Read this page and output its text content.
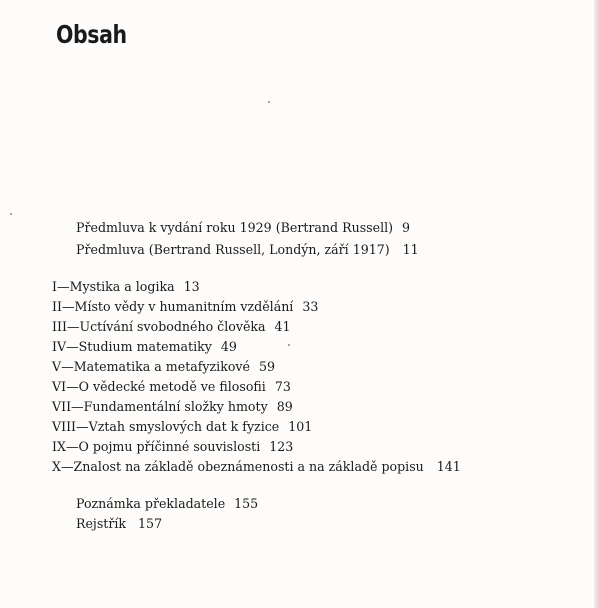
Obsah
Předmluva k vydání roku 1929 (Bertrand Russell) 9
Předmluva (Bertrand Russell, Londýn, září 1917) 11
I—Mystika a logika 13
II—Místo vědy v humanitním vzdělání 33
III—Uctívání svobodného člověka 41
IV—Studium matematiky 49
V—Matematika a metafyzikové 59
VI—O vědecké metodě ve filosofii 73
VII—Fundamentální složky hmoty 89
VIII—Vztah smyslových dat k fyzice 101
IX—O pojmu příčinné souvislosti 123
X—Znalost na základě obeznámenosti a na základě popisu 141
Poznámka překladatele 155
Rejstřík 157
